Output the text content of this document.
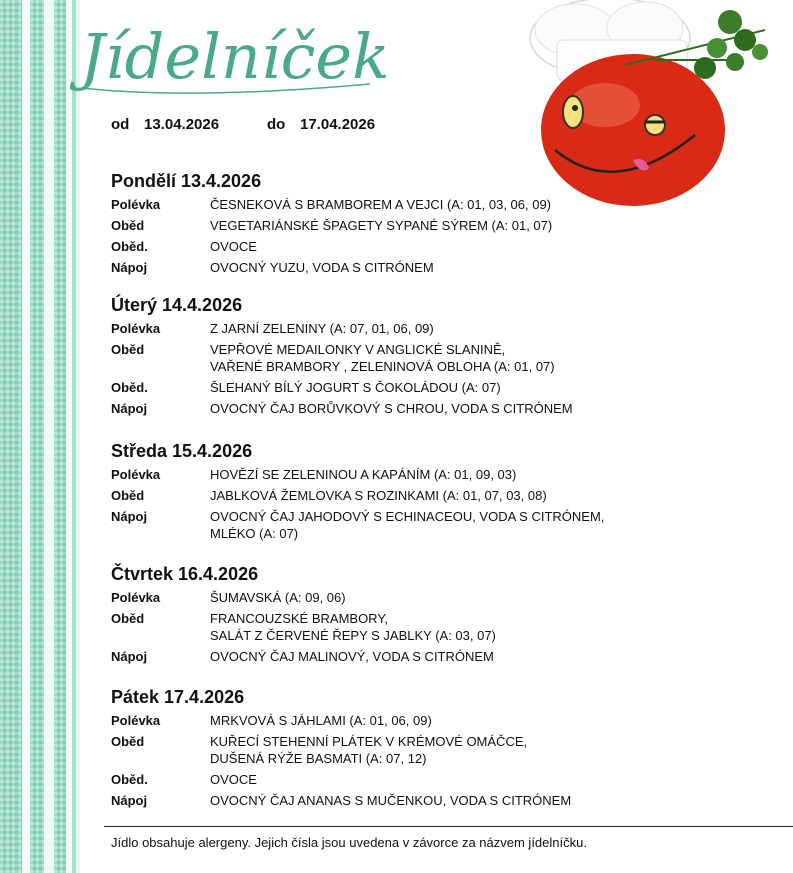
Jídelníček
od 13.04.2026	do 17.04.2026
Pondělí 13.4.2026
Polévka	ČESNEKOVÁ S BRAMBOREM A VEJCI (A: 01, 03, 06, 09)
Oběd	VEGETARIÁNSKÉ ŠPAGETY SYPANÉ SÝREM (A: 01, 07)
Oběd.	OVOCE
Nápoj	OVOCNÝ YUZU, VODA S CITRÓNEM
Úterý 14.4.2026
Polévka	Z JARNÍ ZELENINY (A: 07, 01, 06, 09)
Oběd	VEPŘOVÉ MEDAILONKY V ANGLICKÉ SLANINĚ,
VAŘENÉ BRAMBORY , ZELENINOVÁ OBLOHA (A: 01, 07)
Oběd.	ŠLEHANÝ BÍLÝ JOGURT S ČOKOLÁDOU (A: 07)
Nápoj	OVOCNÝ ČAJ BORŮVKOVÝ S CHROU, VODA S CITRÓNEM
Středa 15.4.2026
Polévka	HOVĚZÍ SE ZELENINOU A KAPÁNÍM (A: 01, 09, 03)
Oběd	JABLKOVÁ ŽEMLOVKA S ROZINKAMI (A: 01, 07, 03, 08)
Nápoj	OVOCNÝ ČAJ JAHODOVÝ S ECHINACEOU, VODA S CITRÓNEM,
MLÉKO (A: 07)
Čtvrtek 16.4.2026
Polévka	ŠUMAVSKÁ (A: 09, 06)
Oběd	FRANCOUZSKÉ BRAMBORY,
SALÁT Z ČERVENÉ ŘEPY S JABLKY (A: 03, 07)
Nápoj	OVOCNÝ ČAJ MALINOVÝ, VODA S CITRÓNEM
Pátek 17.4.2026
Polévka	MRKVOVÁ S JÁHLAMI (A: 01, 06, 09)
Oběd	KUŘECÍ STEHENNÍ PLÁTEK V KRÉMOVÉ OMÁČCE,
DUŠENÁ RÝŽE BASMATI (A: 07, 12)
Oběd.	OVOCE
Nápoj	OVOCNÝ ČAJ ANANAS S MUČENKOU, VODA S CITRÓNEM
Jídlo obsahuje alergeny. Jejich čísla jsou uvedena v závorce za názvem jídelníčku.
